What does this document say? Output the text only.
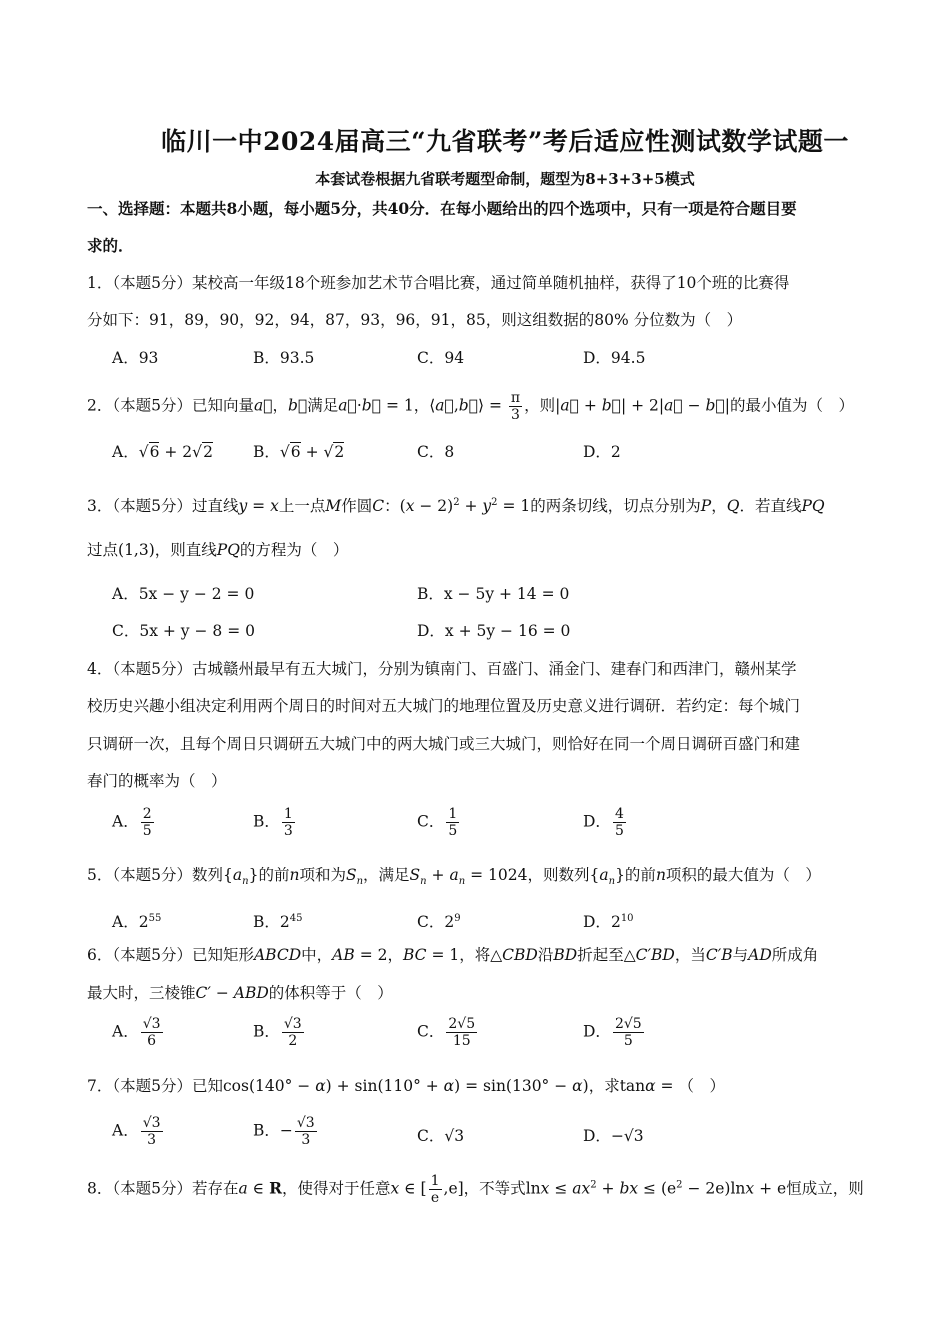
临川一中2024届高三“九省联考”考后适应性测试数学试题一
本套试卷根据九省联考题型命制，题型为8+3+3+5模式
一、选择题：本题共8小题，每小题5分，共40分．在每小题给出的四个选项中，只有一项是符合题目要
求的．
1．（本题5分）某校高一年级18个班参加艺术节合唱比赛，通过简单随机抽样，获得了10个班的比赛得
分如下：91，89，90，92，94，87，93，96，91，85，则这组数据的80% 分位数为（　）
A．93	B．93.5	C．94	D．94.5
2．（本题5分）已知向量a⃗，b⃗满足a⃗·b⃗ = 1，⟨a⃗,b⃗⟩ = $\frac{\pi}{3}$ ，则|a⃗ + b⃗| + 2|a⃗ − b⃗|的最小值为（　）
A．√6 + 2√2	B．√6 + √2	C．8	D．2
3．（本题5分）过直线y = x上一点M作圆C：$(x - 2)^2 + y^2 = 1$的两条切线，切点分别为P，Q．若直线PQ
过点(1,3)，则直线PQ的方程为（　）
A．5x − y − 2 = 0	B．x − 5y + 14 = 0
C．5x + y − 8 = 0	D．x + 5y − 16 = 0
4．（本题5分）古城赣州最早有五大城门，分别为镇南门、百盛门、涌金门、建春门和西津门，赣州某学
校历史兴趣小组决定利用两个周日的时间对五大城门的地理位置及历史意义进行调研．若约定：每个城门
只调研一次，且每个周日只调研五大城门中的两大城门或三大城门，则恰好在同一个周日调研百盛门和建
春门的概率为（　）
A． $\frac{2}{5}$	B． $\frac{1}{3}$	C． $\frac{1}{5}$	D． $\frac{4}{5}$
5．（本题5分）数列$\{a_n\}$的前n项和为$S_n$，满足$S_n + a_n = 1024$，则数列$\{a_n\}$的前n项积的最大值为（　）
A．$2^{55}$	B．$2^{45}$	C．$2^9$	D．$2^{10}$
6．（本题5分）已知矩形ABCD中，AB = 2，BC = 1，将△CBD沿BD折起至△C′BD，当C′B与AD所成角
最大时，三棱锥C′ − ABD的体积等于（　）
A． $\frac{√3}{6}$	B． $\frac{√3}{2}$	C． $\frac{2√5}{15}$	D． $\frac{2√5}{5}$
7．（本题5分）已知cos(140° − α) + sin(110° + α) = sin(130° − α)，求tanα = （　）
A． $\frac{√3}{3}$	B．− $\frac{√3}{3}$	C．√3	D．−√3
8．（本题5分）若存在a ∈ R，使得对于任意x ∈ [ $\frac{1}{e} ,e$]，不等式$\ln x \le ax^2$ + bx ≤ $(e^2 - 2e)\ln x + e$恒成立，则
